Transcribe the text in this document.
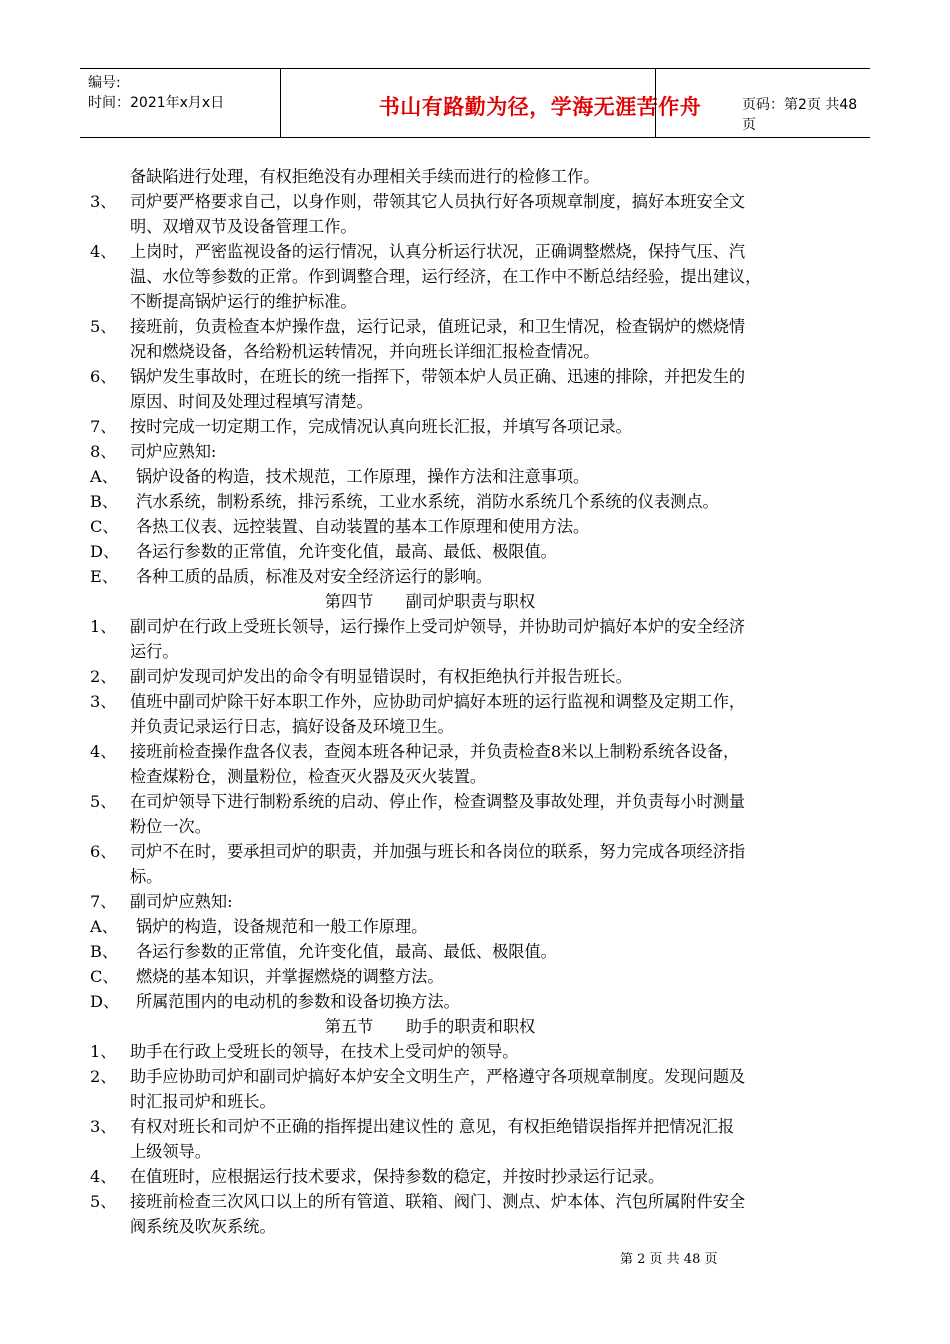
编号:
时间：2021年x月x日	书山有路勤为径，学海无涯苦作舟	页码：第2页 共48页
备缺陷进行处理，有权拒绝没有办理相关手续而进行的检修工作。
3、 司炉要严格要求自己，以身作则，带领其它人员执行好各项规章制度，搞好本班安全文
明、双增双节及设备管理工作。
4、 上岗时，严密监视设备的运行情况，认真分析运行状况，正确调整燃烧，保持气压、汽
温、水位等参数的正常。作到调整合理，运行经济，在工作中不断总结经验，提出建议，
不断提高锅炉运行的维护标准。
5、 接班前，负责检查本炉操作盘，运行记录，值班记录，和卫生情况，检查锅炉的燃烧情
况和燃烧设备，各给粉机运转情况，并向班长详细汇报检查情况。
6、 锅炉发生事故时，在班长的统一指挥下，带领本炉人员正确、迅速的排除，并把发生的
原因、时间及处理过程填写清楚。
7、 按时完成一切定期工作，完成情况认真向班长汇报，并填写各项记录。
8、 司炉应熟知:
A、 锅炉设备的构造，技术规范，工作原理，操作方法和注意事项。
B、 汽水系统，制粉系统，排污系统，工业水系统，消防水系统几个系统的仪表测点。
C、 各热工仪表、远控装置、自动装置的基本工作原理和使用方法。
D、 各运行参数的正常值，允许变化值，最高、最低、极限值。
E、 各种工质的品质，标准及对安全经济运行的影响。
第四节　　副司炉职责与职权
1、 副司炉在行政上受班长领导，运行操作上受司炉领导，并协助司炉搞好本炉的安全经济
运行。
2、 副司炉发现司炉发出的命令有明显错误时，有权拒绝执行并报告班长。
3、 值班中副司炉除干好本职工作外，应协助司炉搞好本班的运行监视和调整及定期工作，
并负责记录运行日志，搞好设备及环境卫生。
4、 接班前检查操作盘各仪表，查阅本班各种记录，并负责检查8米以上制粉系统各设备，
检查煤粉仓，测量粉位，检查灭火器及灭火装置。
5、 在司炉领导下进行制粉系统的启动、停止作，检查调整及事故处理，并负责每小时测量
粉位一次。
6、 司炉不在时，要承担司炉的职责，并加强与班长和各岗位的联系，努力完成各项经济指
标。
7、 副司炉应熟知:
A、 锅炉的构造，设备规范和一般工作原理。
B、 各运行参数的正常值，允许变化值，最高、最低、极限值。
C、 燃烧的基本知识，并掌握燃烧的调整方法。
D、 所属范围内的电动机的参数和设备切换方法。
第五节　　助手的职责和职权
1、 助手在行政上受班长的领导，在技术上受司炉的领导。
2、 助手应协助司炉和副司炉搞好本炉安全文明生产，严格遵守各项规章制度。发现问题及
时汇报司炉和班长。
3、 有权对班长和司炉不正确的指挥提出建议性的 意见，有权拒绝错误指挥并把情况汇报
上级领导。
4、 在值班时，应根据运行技术要求，保持参数的稳定，并按时抄录运行记录。
5、 接班前检查三次风口以上的所有管道、联箱、阀门、测点、炉本体、汽包所属附件安全
阀系统及吹灰系统。
第 2 页 共 48 页
